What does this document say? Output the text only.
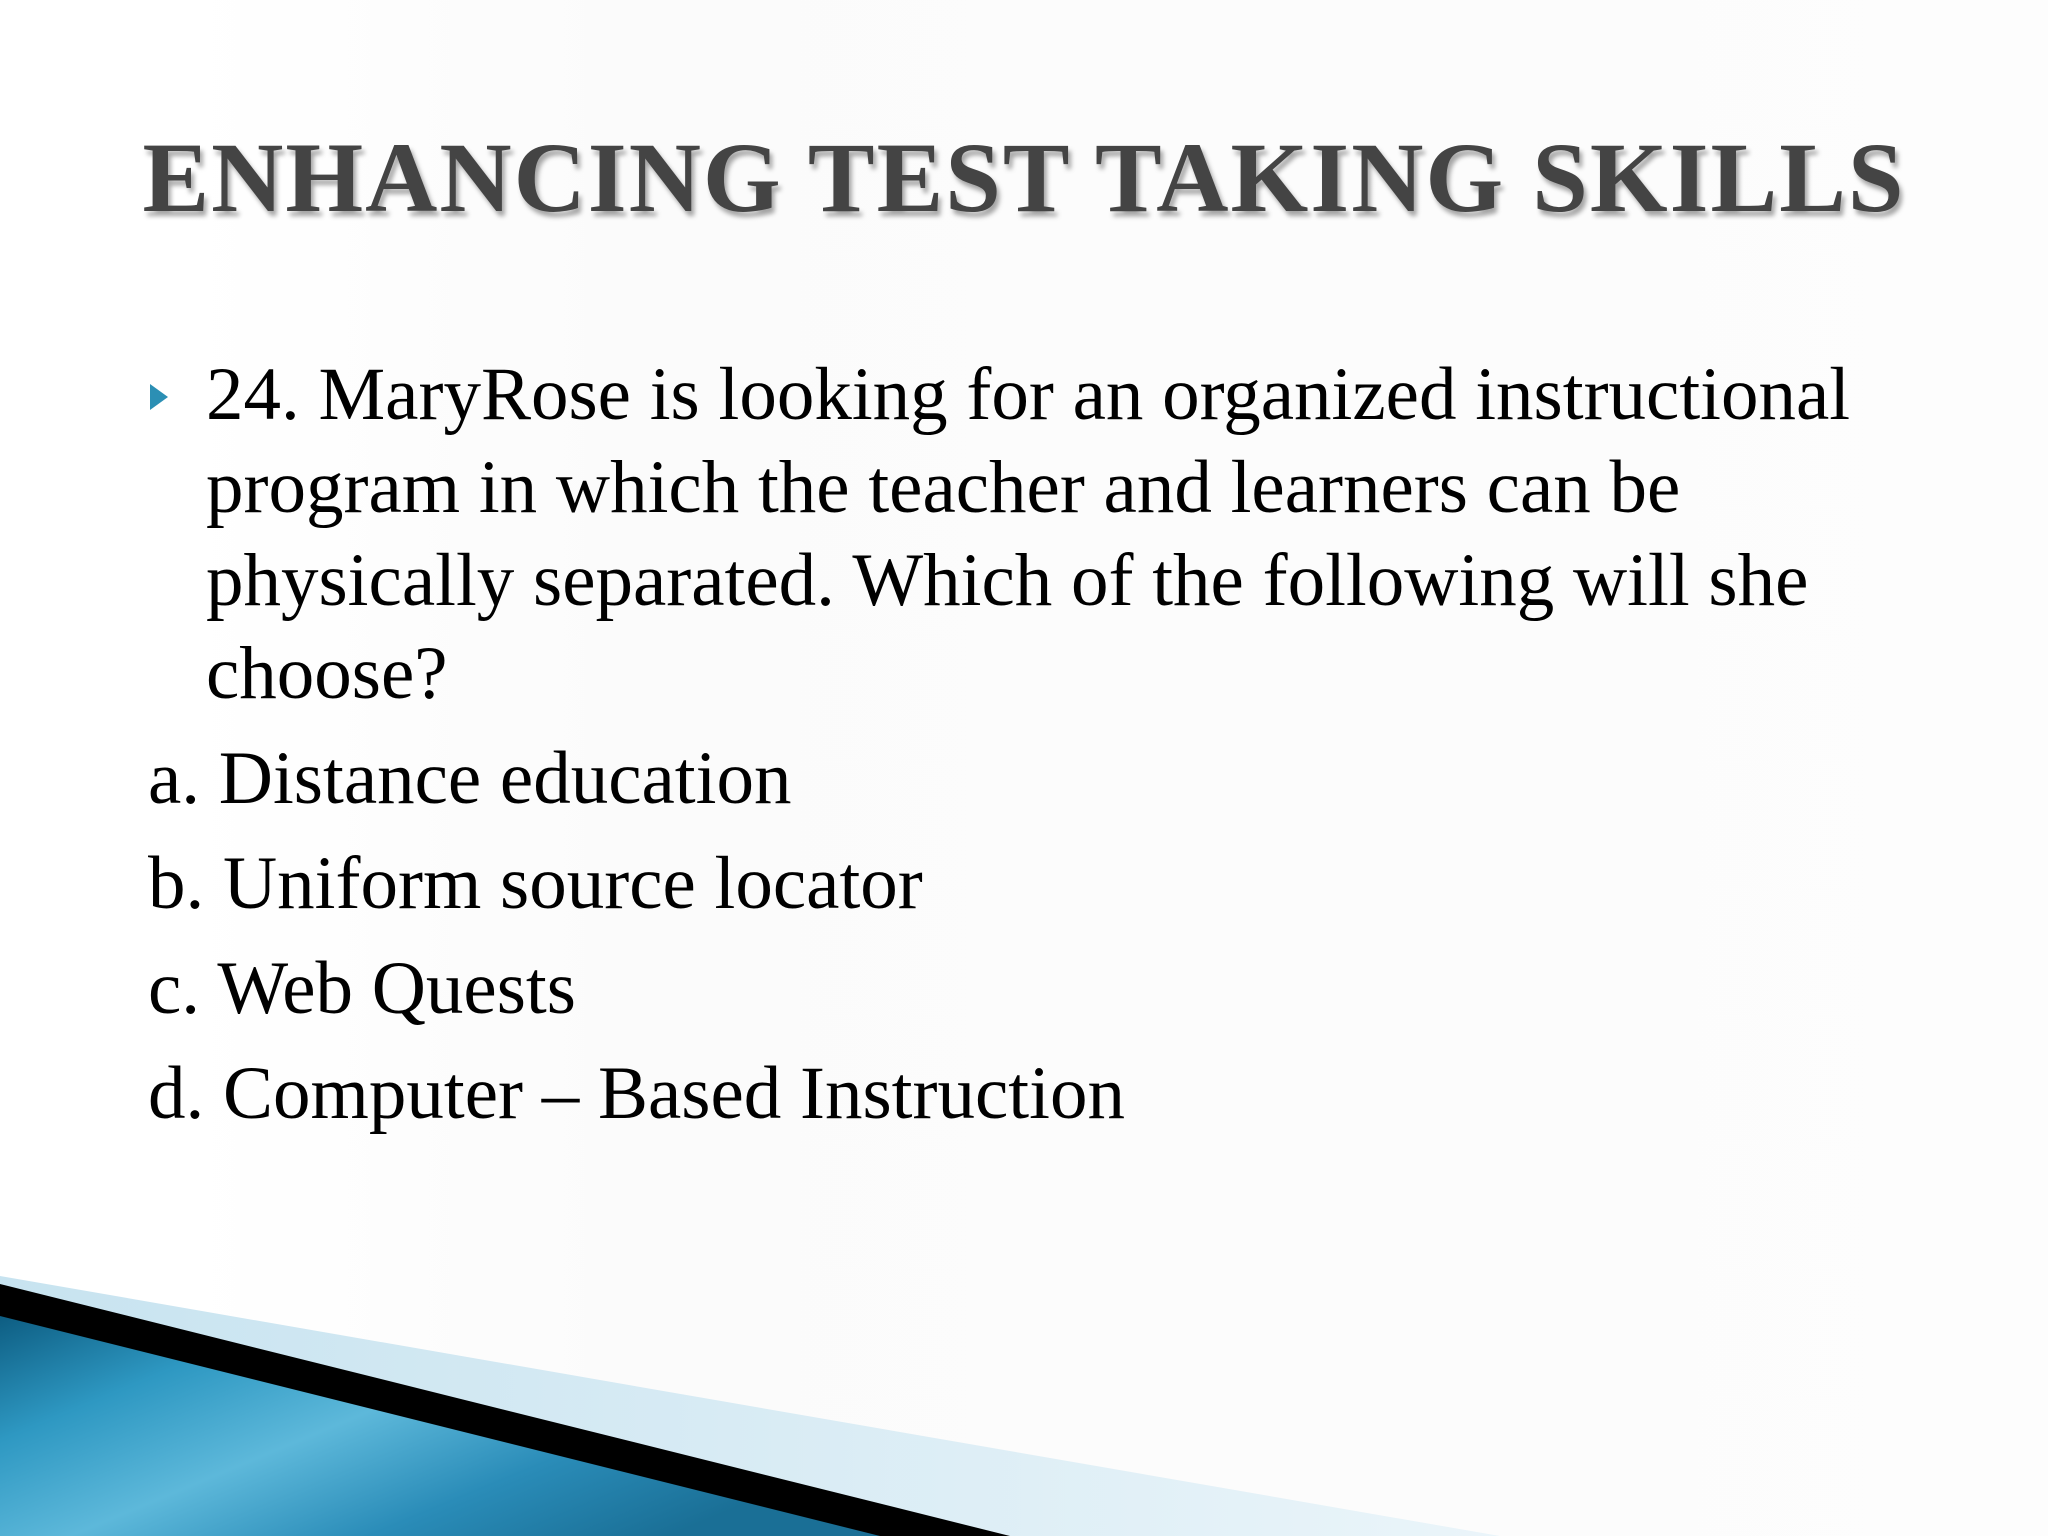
ENHANCING TEST TAKING SKILLS
24. MaryRose is looking for an organized instructional program in which the teacher and learners can be physically separated. Which of the following will she choose?
a. Distance education
b. Uniform source locator
c. Web Quests
d. Computer – Based Instruction
